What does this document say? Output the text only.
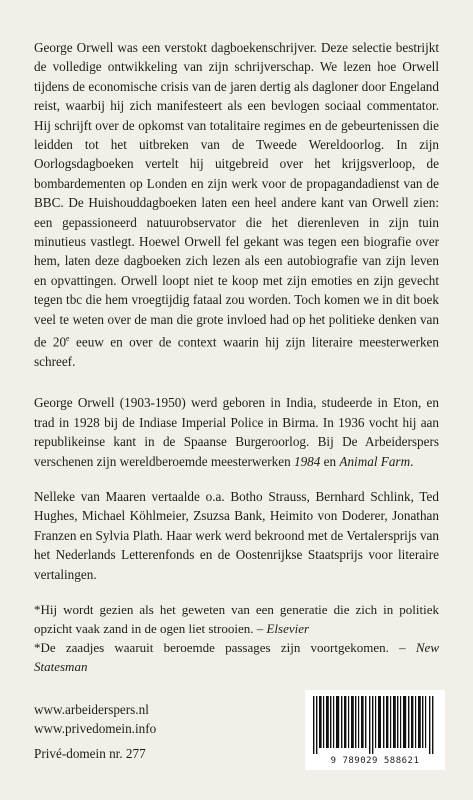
George Orwell was een verstokt dagboekenschrijver. Deze selectie bestrijkt de volledige ontwikkeling van zijn schrijverschap. We lezen hoe Orwell tijdens de economische crisis van de jaren dertig als dagloner door Engeland reist, waarbij hij zich manifesteert als een bevlogen sociaal commentator. Hij schrijft over de opkomst van totalitaire regimes en de gebeurtenissen die leidden tot het uitbreken van de Tweede Wereldoorlog. In zijn Oorlogsdagboeken vertelt hij uitgebreid over het krijgsverloop, de bombardementen op Londen en zijn werk voor de propagandadienst van de BBC. De Huishouddagboeken laten een heel andere kant van Orwell zien: een gepassioneerd natuurobservator die het dierenleven in zijn tuin minutieus vastlegt. Hoewel Orwell fel gekant was tegen een biografie over hem, laten deze dagboeken zich lezen als een autobiografie van zijn leven en opvattingen. Orwell loopt niet te koop met zijn emoties en zijn gevecht tegen tbc die hem vroegtijdig fataal zou worden. Toch komen we in dit boek veel te weten over de man die grote invloed had op het politieke denken van de 20e eeuw en over de context waarin hij zijn literaire meesterwerken schreef.

George Orwell (1903-1950) werd geboren in India, studeerde in Eton, en trad in 1928 bij de Indiase Imperial Police in Birma. In 1936 vocht hij aan republikeinse kant in de Spaanse Burgeroorlog. Bij De Arbeiderspers verschenen zijn wereldberoemde meesterwerken 1984 en Animal Farm.

Nelleke van Maaren vertaalde o.a. Botho Strauss, Bernhard Schlink, Ted Hughes, Michael Köhlmeier, Zsuzsa Bank, Heimito von Doderer, Jonathan Franzen en Sylvia Plath. Haar werk werd bekroond met de Vertalersprijs van het Nederlands Letterenfonds en de Oostenrijkse Staatsprijs voor literaire vertalingen.

*Hij wordt gezien als het geweten van een generatie die zich in politiek opzicht vaak zand in de ogen liet strooien. – Elsevier

*De zaadjes waaruit beroemde passages zijn voortgekomen. – New Statesman

www.arbeiderspers.nl
www.privedomein.info
Privé-domein nr. 277	9 789029 588621
